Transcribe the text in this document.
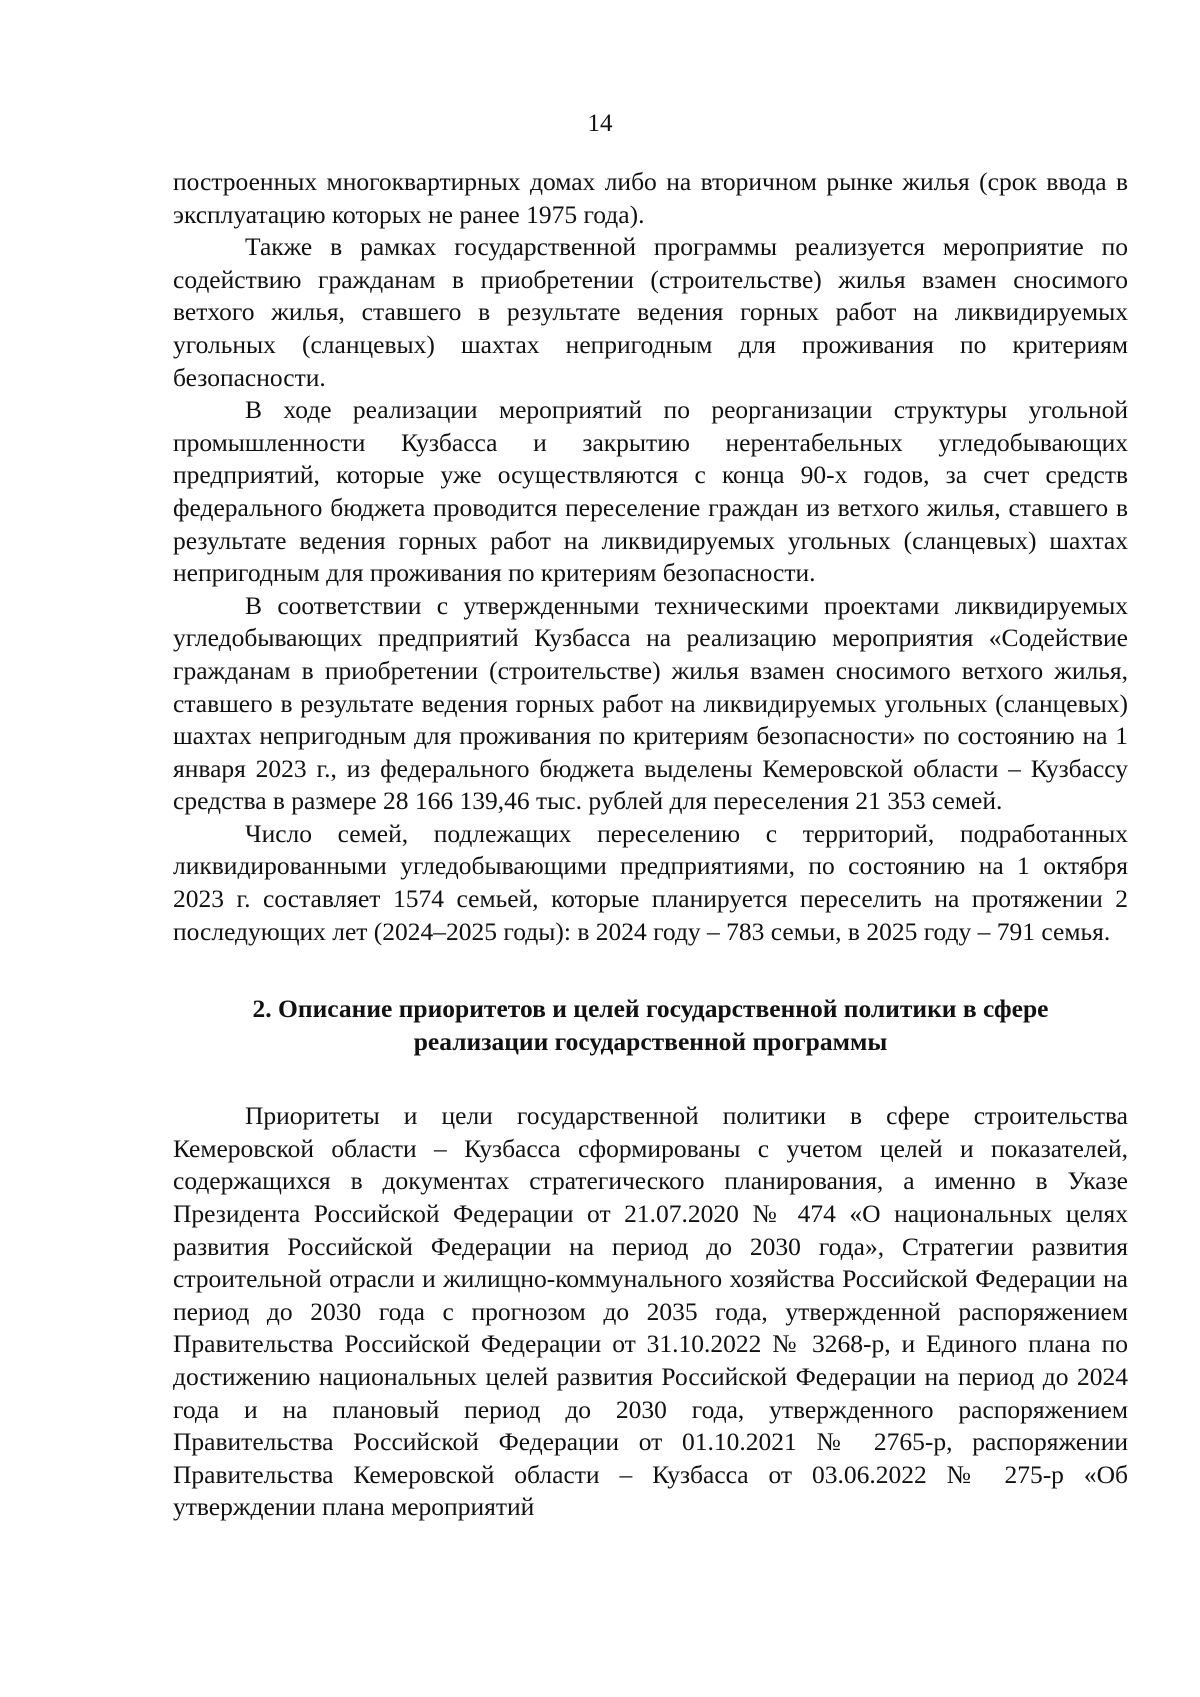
14

построенных многоквартирных домах либо на вторичном рынке жилья (срок ввода в эксплуатацию которых не ранее 1975 года).

Также в рамках государственной программы реализуется мероприятие по содействию гражданам в приобретении (строительстве) жилья взамен сносимого ветхого жилья, ставшего в результате ведения горных работ на ликвидируемых угольных (сланцевых) шахтах непригодным для проживания по критериям безопасности.

В ходе реализации мероприятий по реорганизации структуры угольной промышленности Кузбасса и закрытию нерентабельных угледобывающих предприятий, которые уже осуществляются с конца 90-х годов, за счет средств федерального бюджета проводится переселение граждан из ветхого жилья, ставшего в результате ведения горных работ на ликвидируемых угольных (сланцевых) шахтах непригодным для проживания по критериям безопасности.

В соответствии с утвержденными техническими проектами ликвидируемых угледобывающих предприятий Кузбасса на реализацию мероприятия «Содействие гражданам в приобретении (строительстве) жилья взамен сносимого ветхого жилья, ставшего в результате ведения горных работ на ликвидируемых угольных (сланцевых) шахтах непригодным для проживания по критериям безопасности» по состоянию на 1 января 2023 г., из федерального бюджета выделены Кемеровской области – Кузбассу средства в размере 28 166 139,46 тыс. рублей для переселения 21 353 семей.

Число семей, подлежащих переселению с территорий, подработанных ликвидированными угледобывающими предприятиями, по состоянию на 1 октября 2023 г. составляет 1574 семьей, которые планируется переселить на протяжении 2 последующих лет (2024–2025 годы): в 2024 году – 783 семьи, в 2025 году – 791 семья.

2. Описание приоритетов и целей государственной политики в сфере реализации государственной программы

Приоритеты и цели государственной политики в сфере строительства Кемеровской области – Кузбасса сформированы с учетом целей и показателей, содержащихся в документах стратегического планирования, а именно в Указе Президента Российской Федерации от 21.07.2020 № 474 «О национальных целях развития Российской Федерации на период до 2030 года», Стратегии развития строительной отрасли и жилищно-коммунального хозяйства Российской Федерации на период до 2030 года с прогнозом до 2035 года, утвержденной распоряжением Правительства Российской Федерации от 31.10.2022 № 3268-р, и Единого плана по достижению национальных целей развития Российской Федерации на период до 2024 года и на плановый период до 2030 года, утвержденного распоряжением Правительства Российской Федерации от 01.10.2021 № 2765-р, распоряжении Правительства Кемеровской области – Кузбасса от 03.06.2022 № 275-р «Об утверждении плана мероприятий
